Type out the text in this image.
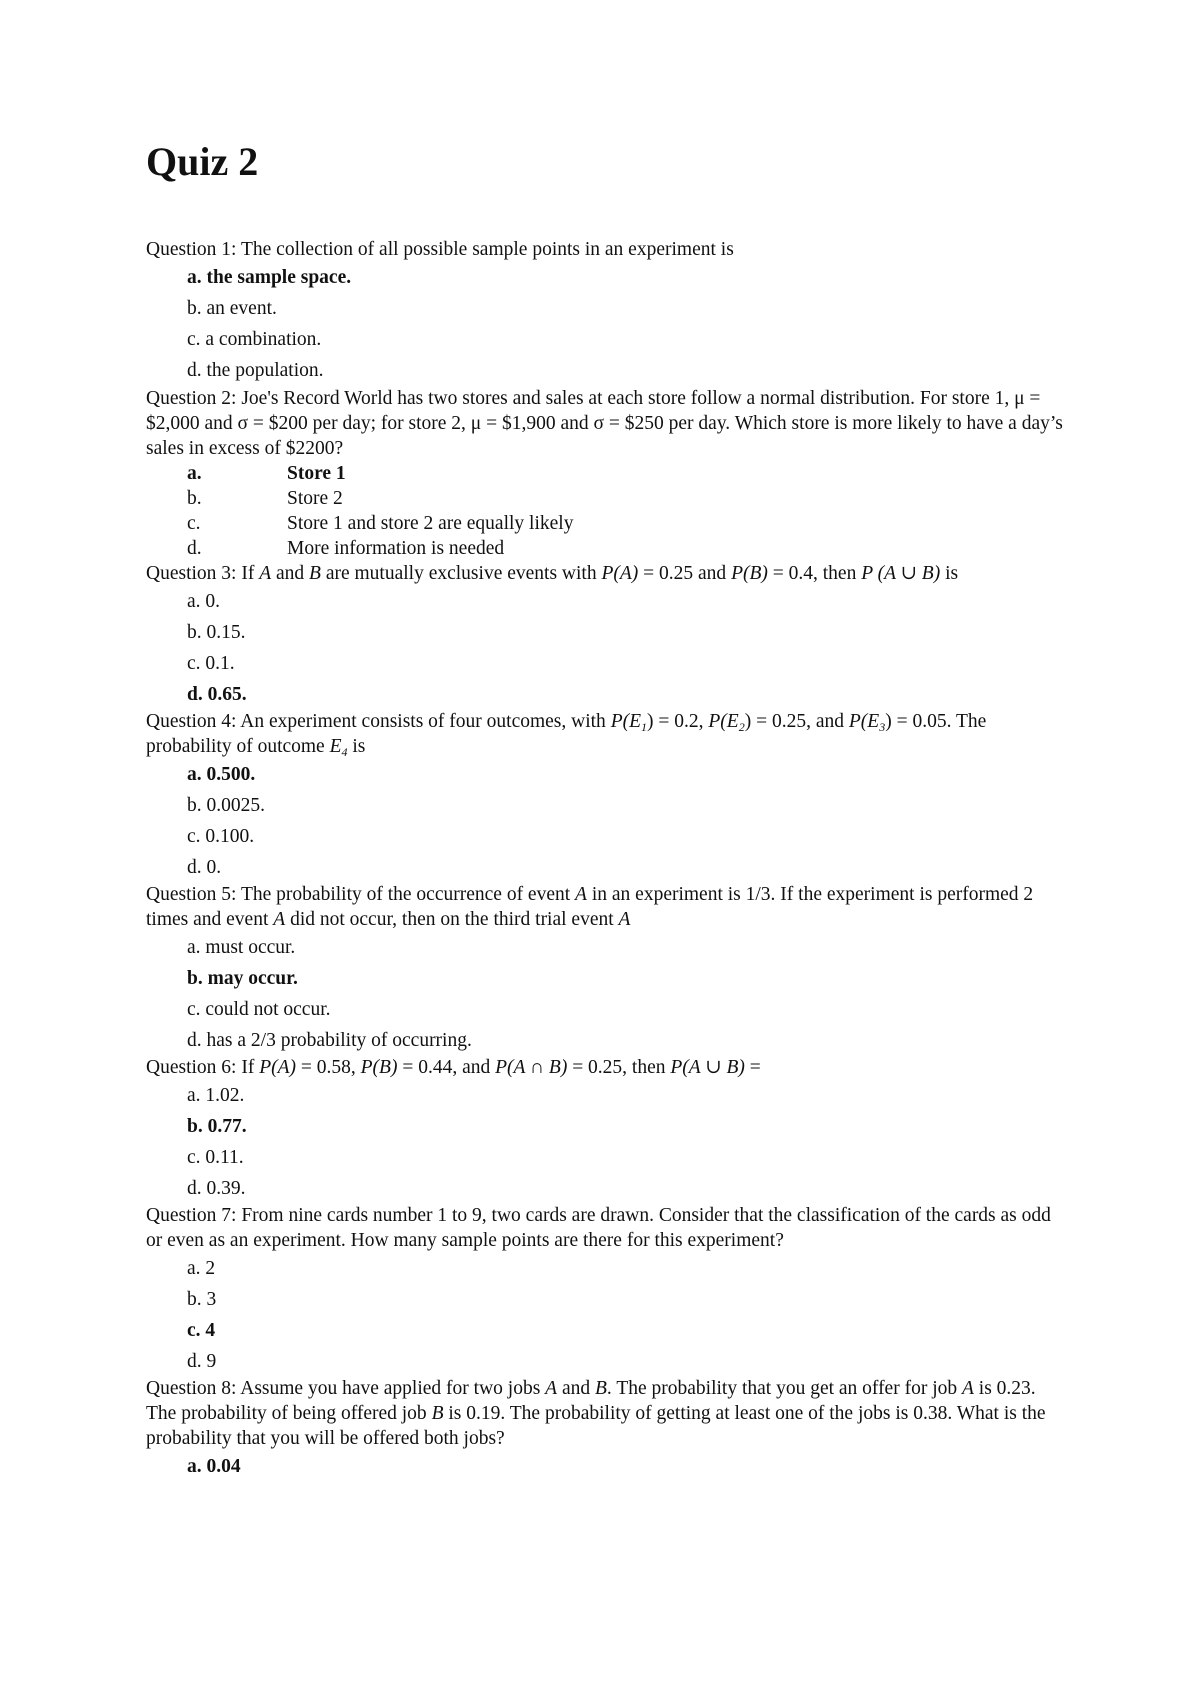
Quiz 2
Question 1: The collection of all possible sample points in an experiment is
a. the sample space.
b. an event.
c. a combination.
d. the population.
Question 2: Joe's Record World has two stores and sales at each store follow a normal distribution. For store 1, μ = $2,000 and σ = $200 per day; for store 2, μ = $1,900 and σ = $250 per day. Which store is more likely to have a day’s sales in excess of $2200?
a.	Store 1
b.	Store 2
c.	Store 1 and store 2 are equally likely
d.	More information is needed
Question 3: If A and B are mutually exclusive events with P(A) = 0.25 and P(B) = 0.4, then P (A ∪ B) is
a. 0.
b. 0.15.
c. 0.1.
d. 0.65.
Question 4: An experiment consists of four outcomes, with $P(E_1) = 0.2$, $P(E_2) = 0.25$, and $P(E_3) = 0.05$. The probability of outcome $E_4$ is
a. 0.500.
b. 0.0025.
c. 0.100.
d. 0.
Question 5: The probability of the occurrence of event A in an experiment is 1/3. If the experiment is performed 2 times and event A did not occur, then on the third trial event A
a. must occur.
b. may occur.
c. could not occur.
d. has a 2/3 probability of occurring.
Question 6: If P(A) = 0.58, P(B) = 0.44, and P(A ∩ B) = 0.25, then P(A ∪ B) =
a. 1.02.
b. 0.77.
c. 0.11.
d. 0.39.
Question 7: From nine cards number 1 to 9, two cards are drawn. Consider that the classification of the cards as odd or even as an experiment. How many sample points are there for this experiment?
a. 2
b. 3
c. 4
d. 9
Question 8: Assume you have applied for two jobs A and B. The probability that you get an offer for job A is 0.23. The probability of being offered job B is 0.19. The probability of getting at least one of the jobs is 0.38. What is the probability that you will be offered both jobs?
a. 0.04
